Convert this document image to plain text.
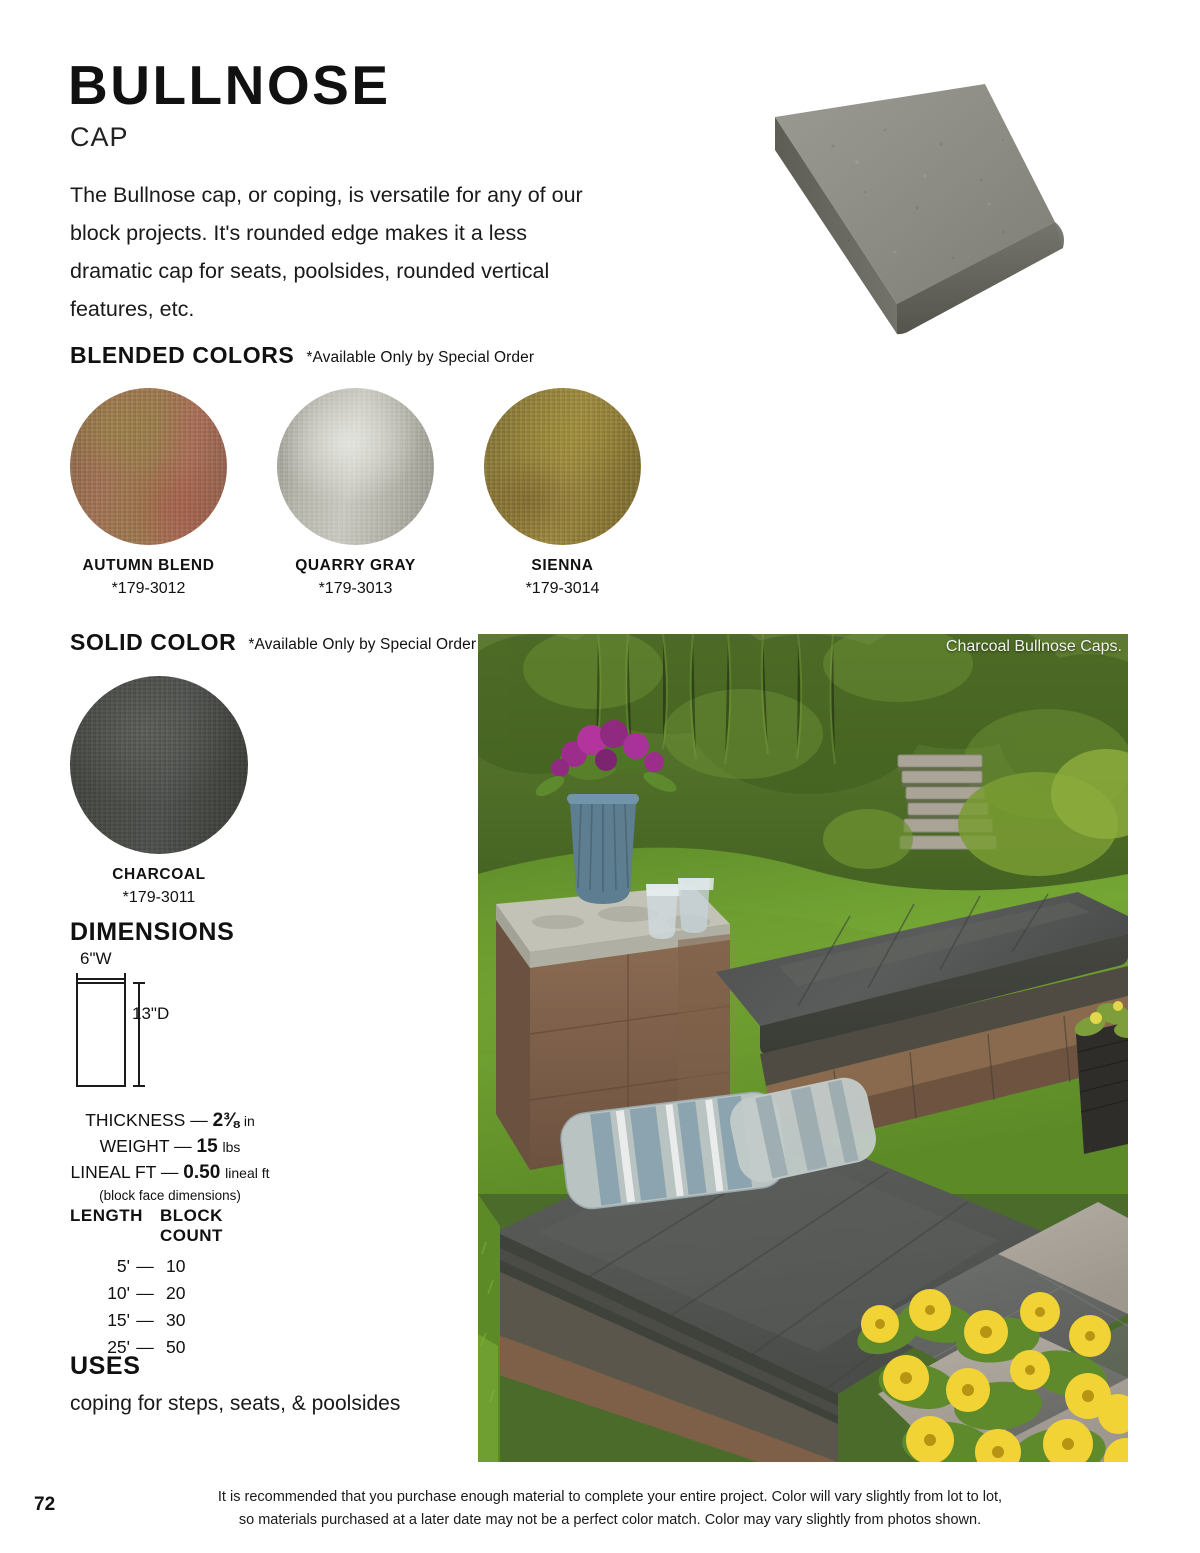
BULLNOSE
CAP
The Bullnose cap, or coping, is versatile for any of our block projects. It's rounded edge makes it a less dramatic cap for seats, poolsides, rounded vertical features, etc.
BLENDED COLORS *Available Only by Special Order
AUTUMN BLEND
*179-3012
QUARRY GRAY
*179-3013
SIENNA
*179-3014
SOLID COLOR *Available Only by Special Order
CHARCOAL
*179-3011
DIMENSIONS
6"W
13"D
THICKNESS — 2⅜ in
WEIGHT — 15 lbs
LINEAL FT — 0.50 lineal ft
(block face dimensions)
LENGTH	BLOCK COUNT
5' — 10
10' — 20
15' — 30
25' — 50
USES
coping for steps, seats, & poolsides
Charcoal Bullnose Caps.
72	It is recommended that you purchase enough material to complete your entire project. Color will vary slightly from lot to lot,
so materials purchased at a later date may not be a perfect color match. Color may vary slightly from photos shown.
